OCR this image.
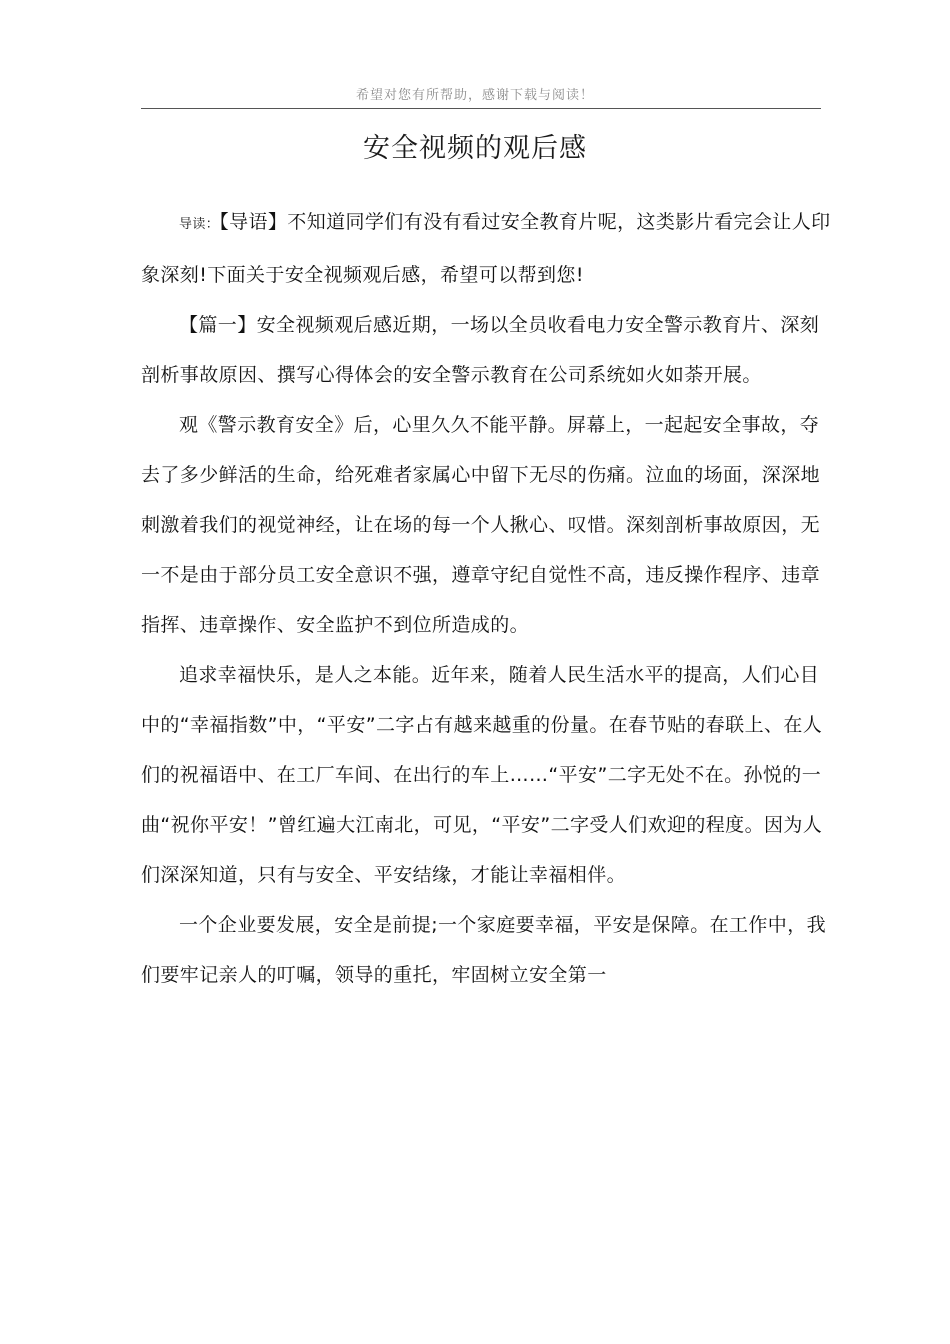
希望对您有所帮助，感谢下载与阅读！
安全视频的观后感

导读：【导语】不知道同学们有没有看过安全教育片呢，这类影片看完会让人印象深刻!下面关于安全视频观后感，希望可以帮到您!

【篇一】安全视频观后感近期，一场以全员收看电力安全警示教育片、深刻剖析事故原因、撰写心得体会的安全警示教育在公司系统如火如荼开展。

观《警示教育安全》后，心里久久不能平静。屏幕上，一起起安全事故，夺去了多少鲜活的生命，给死难者家属心中留下无尽的伤痛。泣血的场面，深深地刺激着我们的视觉神经，让在场的每一个人揪心、叹惜。深刻剖析事故原因，无一不是由于部分员工安全意识不强，遵章守纪自觉性不高，违反操作程序、违章指挥、违章操作、安全监护不到位所造成的。

追求幸福快乐，是人之本能。近年来，随着人民生活水平的提高，人们心目中的“幸福指数”中，“平安”二字占有越来越重的份量。在春节贴的春联上、在人们的祝福语中、在工厂车间、在出行的车上……“平安”二字无处不在。孙悦的一曲“祝你平安！”曾红遍大江南北，可见，“平安”二字受人们欢迎的程度。因为人们深深知道，只有与安全、平安结缘，才能让幸福相伴。

一个企业要发展，安全是前提;一个家庭要幸福，平安是保障。在工作中，我们要牢记亲人的叮嘱，领导的重托，牢固树立安全第一
